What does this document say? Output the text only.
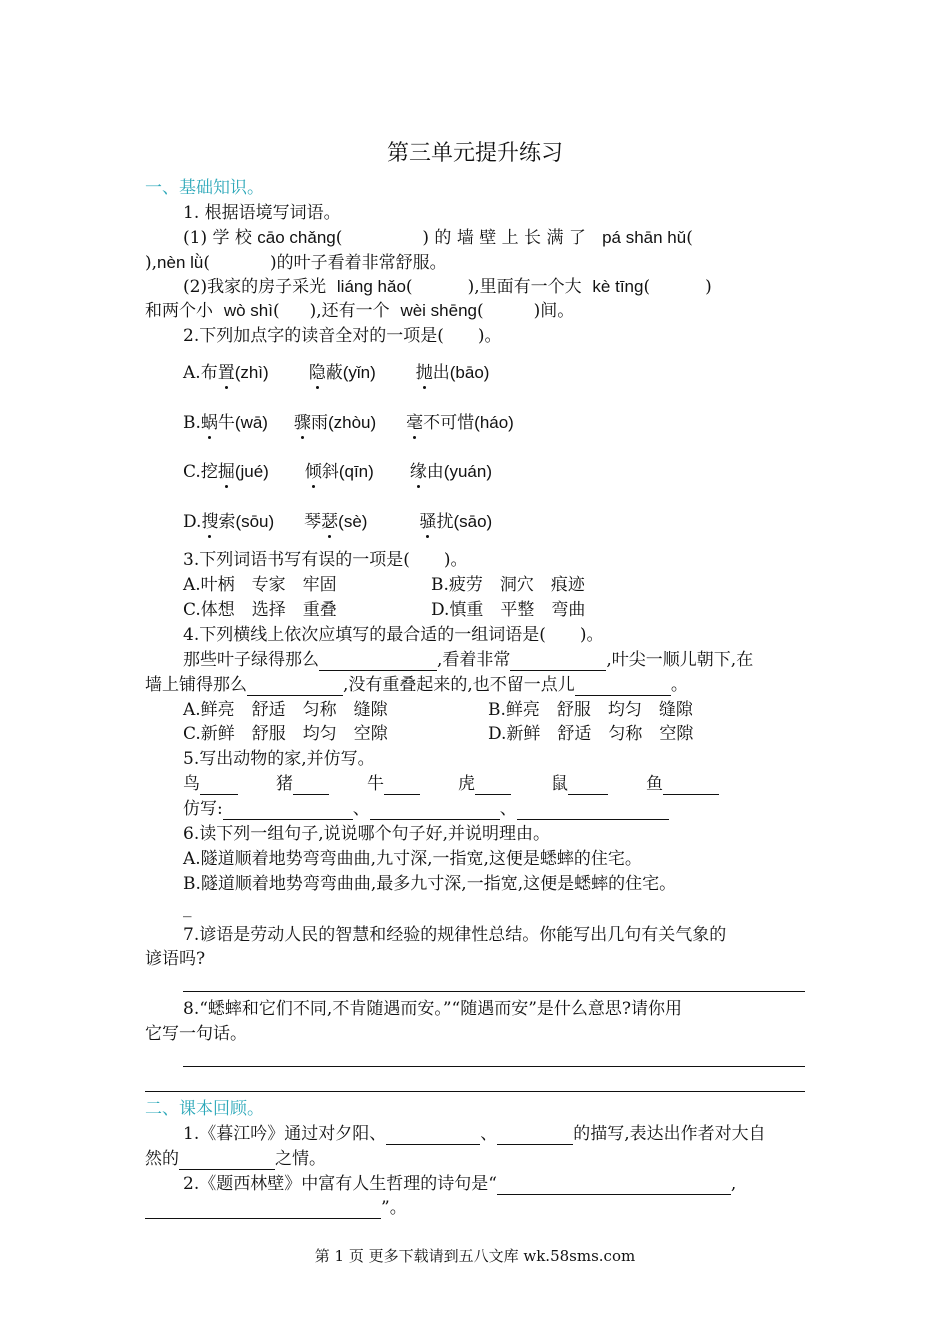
第三单元提升练习
一、基础知识。
1. 根据语境写词语。
(1) 学 校 cāo chǎng(	) 的 墙 壁 上 长 满 了 pá shān hǔ(
),nèn lǜ(	)的叶子看着非常舒服。
(2)我家的房子采光 liáng hǎo(	),里面有一个大 kè tīng(	)
和两个小 wò shì( ),还有一个 wèi shēng(	)间。
2.下列加点字的读音全对的一项是(　　)。
A.布置(zhì) 隐蔽(yǐn) 抛出(bāo)
B.蜗牛(wā) 骤雨(zhòu) 毫不可惜(háo)
C.挖掘(jué) 倾斜(qīn) 缘由(yuán)
D.搜索(sōu) 琴瑟(sè)	骚扰(sāo)
3.下列词语书写有误的一项是(　　)。
A.叶柄　专家　牢固	B.疲劳　洞穴　痕迹
C.体想　选择　重叠	D.慎重　平整　弯曲
4.下列横线上依次应填写的最合适的一组词语是(　　)。
那些叶子绿得那么	,看着非常	,叶尖一顺儿朝下,在
墙上铺得那么	,没有重叠起来的,也不留一点儿	。
A.鲜亮　舒适　匀称　缝隙	B.鲜亮　舒服　均匀　缝隙
C.新鲜　舒服　均匀　空隙	D.新鲜　舒适　匀称　空隙
5.写出动物的家,并仿写。
鸟	猪	牛	虎	鼠	鱼
仿写:	、	、
6.读下列一组句子,说说哪个句子好,并说明理由。
A.隧道顺着地势弯弯曲曲,九寸深,一指宽,这便是蟋蟀的住宅。
B.隧道顺着地势弯弯曲曲,最多九寸深,一指宽,这便是蟋蟀的住宅。
_
7.谚语是劳动人民的智慧和经验的规律性总结。你能写出几句有关气象的
谚语吗?
8.“蟋蟀和它们不同,不肯随遇而安。”“随遇而安”是什么意思?请你用
它写一句话。
二、课本回顾。
1.《暮江吟》通过对夕阳、	、	的描写,表达出作者对大自
然的	之情。
2.《题西林壁》中富有人生哲理的诗句是“	,
”。
第 1 页 更多下载请到五八文库 wk.58sms.com
